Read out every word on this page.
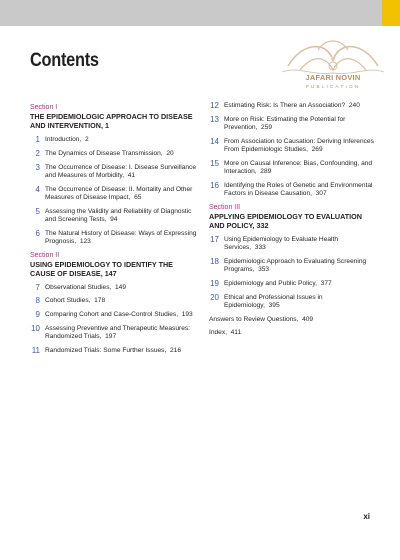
Contents
JAFARI NOVIN
PUBLICATION
Section I
THE EPIDEMIOLOGIC APPROACH TO DISEASE AND INTERVENTION, 1
1 Introduction, 2
2 The Dynamics of Disease Transmission, 20
3 The Occurrence of Disease: I. Disease Surveillance and Measures of Morbidity, 41
4 The Occurrence of Disease: II. Mortality and Other Measures of Disease Impact, 65
5 Assessing the Validity and Reliability of Diagnostic and Screening Tests, 94
6 The Natural History of Disease: Ways of Expressing Prognosis, 123
Section II
USING EPIDEMIOLOGY TO IDENTIFY THE CAUSE OF DISEASE, 147
7 Observational Studies, 149
8 Cohort Studies, 178
9 Comparing Cohort and Case-Control Studies, 193
10 Assessing Preventive and Therapeutic Measures: Randomized Trials, 197
11 Randomized Trials: Some Further Issues, 216
12 Estimating Risk: Is There an Association? 240
13 More on Risk: Estimating the Potential for Prevention, 259
14 From Association to Causation: Deriving Inferences From Epidemiologic Studies, 269
15 More on Causal Inference: Bias, Confounding, and Interaction, 289
16 Identifying the Roles of Genetic and Environmental Factors in Disease Causation, 307
Section III
APPLYING EPIDEMIOLOGY TO EVALUATION AND POLICY, 332
17 Using Epidemiology to Evaluate Health Services, 333
18 Epidemiologic Approach to Evaluating Screening Programs, 353
19 Epidemiology and Public Policy, 377
20 Ethical and Professional Issues in Epidemiology, 395
Answers to Review Questions, 409
Index, 411
xi
